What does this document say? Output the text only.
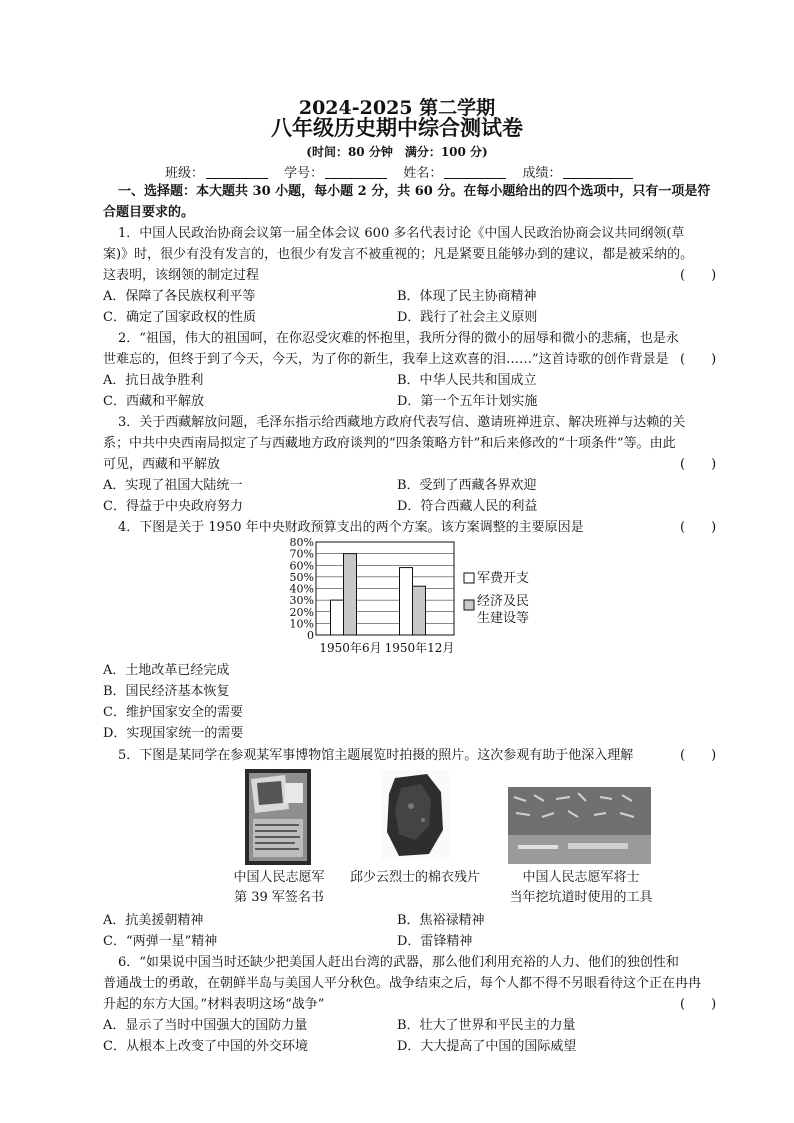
2024-2025 第二学期
八年级历史期中综合测试卷
(时间：80 分钟　满分：100 分)
班级：	学号：	姓名：	成绩：
一、选择题：本大题共 30 小题，每小题 2 分，共 60 分。在每小题给出的四个选项中，只有一项是符
合题目要求的。
1．中国人民政治协商会议第一届全体会议 600 多名代表讨论《中国人民政治协商会议共同纲领(草
案)》时，很少有没有发言的，也很少有发言不被重视的；凡是紧要且能够办到的建议，都是被采纳的。
这表明，该纲领的制定过程	(　　)
A．保障了各民族权利平等	B．体现了民主协商精神
C．确定了国家政权的性质	D．践行了社会主义原则
2．“祖国，伟大的祖国呵，在你忍受灾难的怀抱里，我所分得的微小的屈辱和微小的悲痛，也是永
世难忘的，但终于到了今天，今天，为了你的新生，我奉上这欢喜的泪……”这首诗歌的创作背景是 (　　)
A．抗日战争胜利	B．中华人民共和国成立
C．西藏和平解放	D．第一个五年计划实施
3．关于西藏解放问题，毛泽东指示给西藏地方政府代表写信、邀请班禅进京、解决班禅与达赖的关
系；中共中央西南局拟定了与西藏地方政府谈判的“四条策略方针”和后来修改的“十项条件”等。由此
可见，西藏和平解放	(　　)
A．实现了祖国大陆统一	B．受到了西藏各界欢迎
C．得益于中央政府努力	D．符合西藏人民的利益
4．下图是关于 1950 年中央财政预算支出的两个方案。该方案调整的主要原因是	(　　)
0
10%
20%
30%
40%
50%
60%
70%
80%
1950年6月 1950年12月
军费开支
经济及民
生建设等
A．土地改革已经完成
B．国民经济基本恢复
C．维护国家安全的需要
D．实现国家统一的需要
5．下图是某同学在参观某军事博物馆主题展览时拍摄的照片。这次参观有助于他深入理解	(　　)
中国人民志愿军
第 39 军签名书
邱少云烈士的棉衣残片	中国人民志愿军将士
当年挖坑道时使用的工具
A．抗美援朝精神	B．焦裕禄精神
C．“两弹一星”精神	D．雷锋精神
6．“如果说中国当时还缺少把美国人赶出台湾的武器，那么他们利用充裕的人力、他们的独创性和
普通战士的勇敢，在朝鲜半岛与美国人平分秋色。战争结束之后，每个人都不得不另眼看待这个正在冉冉
升起的东方大国。”材料表明这场“战争”	(　　)
A．显示了当时中国强大的国防力量	B．壮大了世界和平民主的力量
C．从根本上改变了中国的外交环境	D．大大提高了中国的国际威望
